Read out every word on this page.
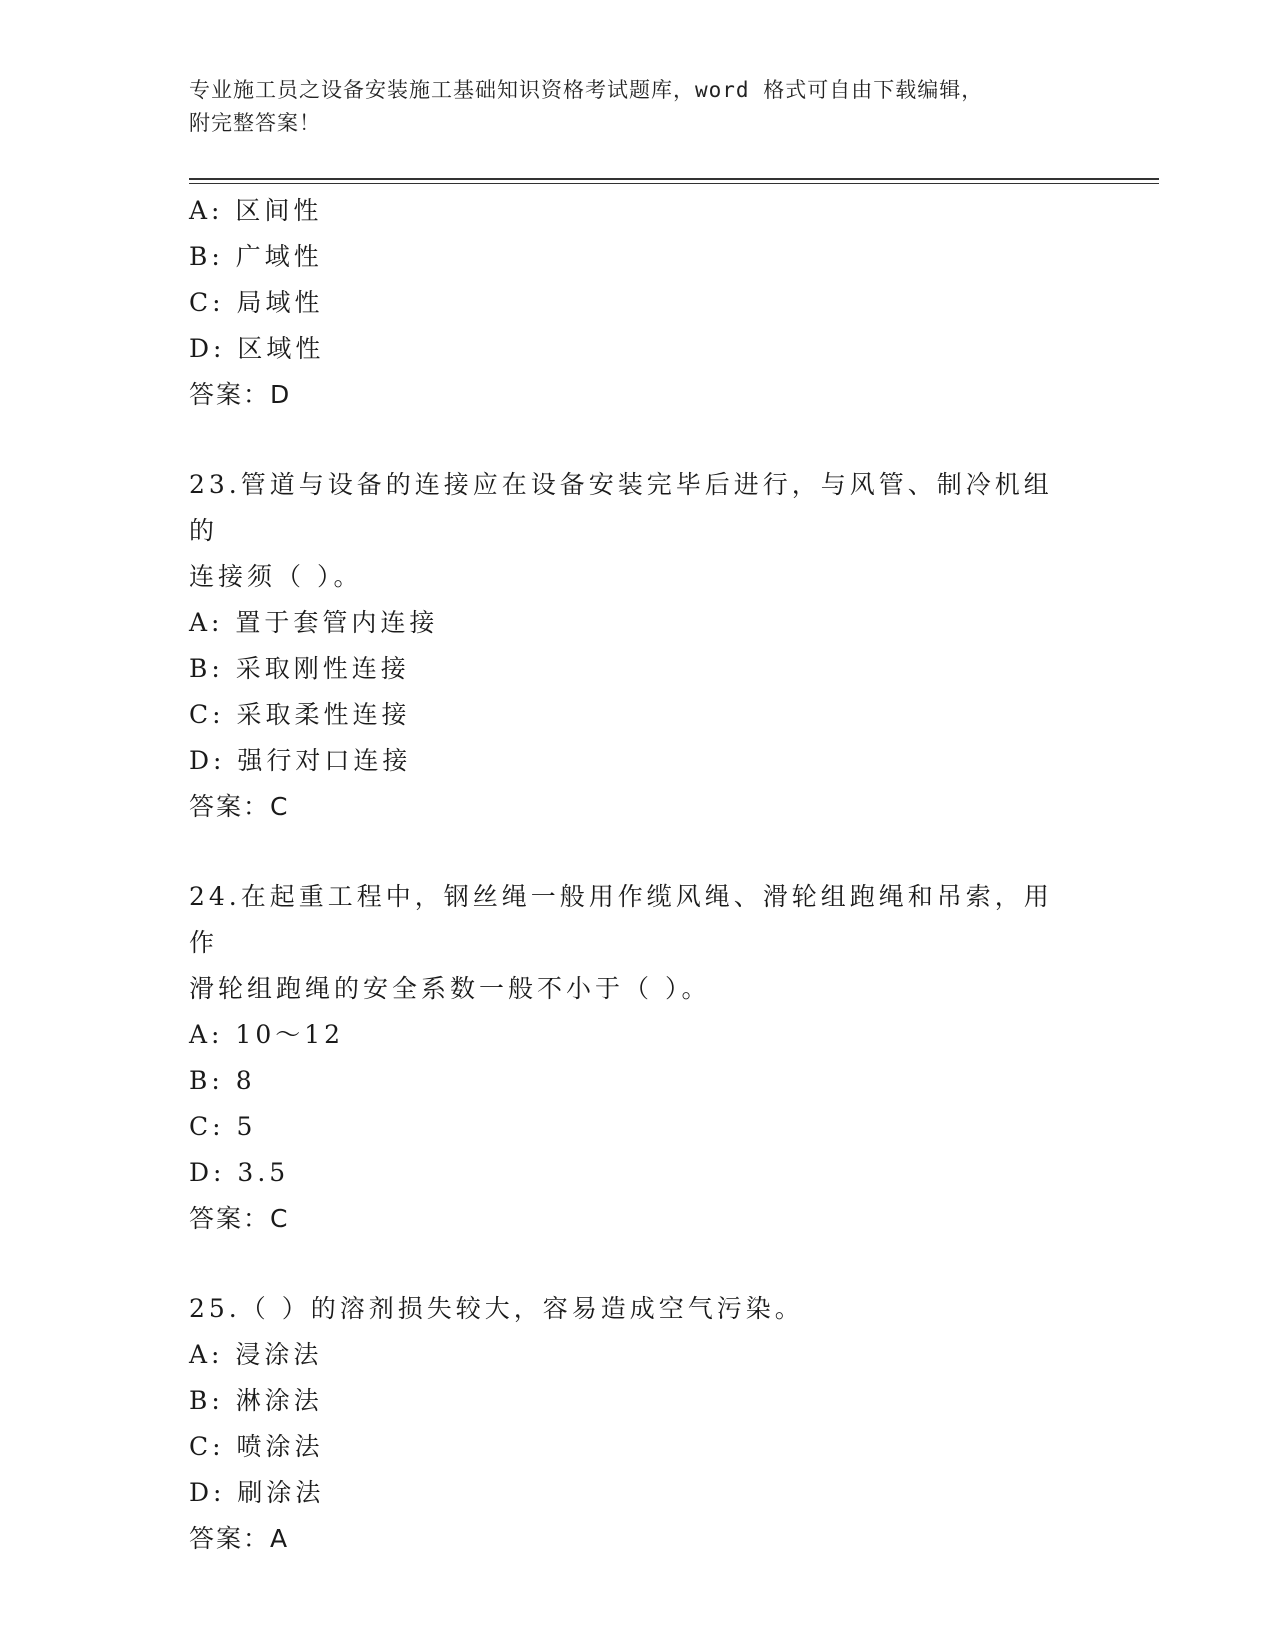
专业施工员之设备安装施工基础知识资格考试题库，word 格式可自由下载编辑，
附完整答案！
A: 区间性
B: 广域性
C: 局域性
D: 区域性
答案：D
23.管道与设备的连接应在设备安装完毕后进行，与风管、制冷机组的
连接须（ ）。
A: 置于套管内连接
B: 采取刚性连接
C: 采取柔性连接
D: 强行对口连接
答案：C
24.在起重工程中，钢丝绳一般用作缆风绳、滑轮组跑绳和吊索，用作
滑轮组跑绳的安全系数一般不小于（ ）。
A: 10～12
B: 8
C: 5
D: 3.5
答案：C
25.（ ）的溶剂损失较大，容易造成空气污染。
A: 浸涂法
B: 淋涂法
C: 喷涂法
D: 刷涂法
答案：A
